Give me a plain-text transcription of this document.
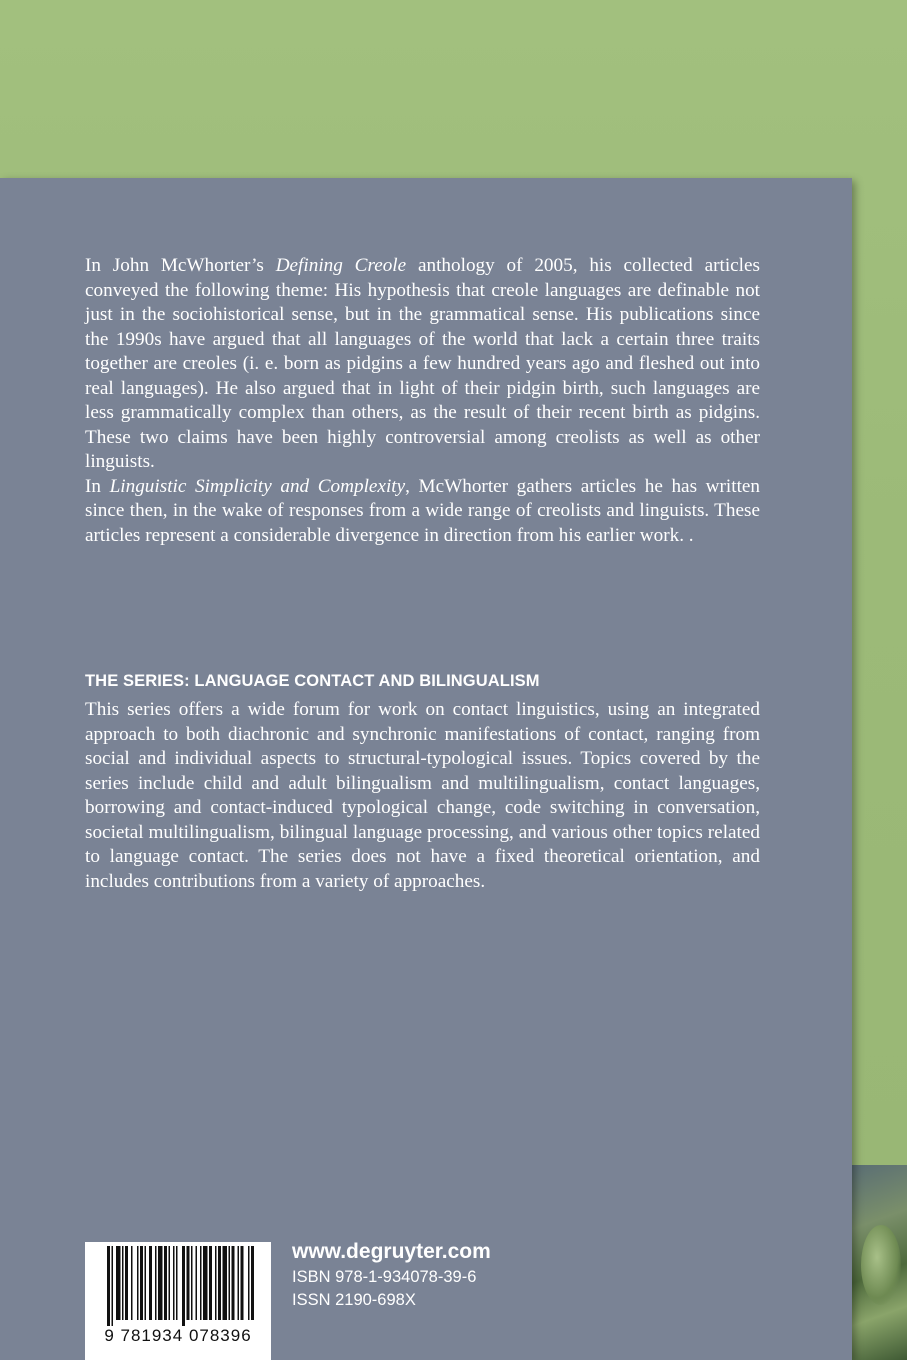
In John McWhorter’s Defining Creole anthology of 2005, his collected articles conveyed the following theme: His hypothesis that creole languages are definable not just in the sociohistorical sense, but in the grammatical sense. His publications since the 1990s have argued that all languages of the world that lack a certain three traits together are creoles (i. e. born as pidgins a few hundred years ago and fleshed out into real languages). He also argued that in light of their pidgin birth, such languages are less grammatically complex than others, as the result of their recent birth as pidgins. These two claims have been highly controversial among creolists as well as other linguists.

In Linguistic Simplicity and Complexity, McWhorter gathers articles he has written since then, in the wake of responses from a wide range of creolists and linguists. These articles represent a considerable divergence in direction from his earlier work. .

THE SERIES: LANGUAGE CONTACT AND BILINGUALISM

This series offers a wide forum for work on contact linguistics, using an integrated approach to both diachronic and synchronic manifestations of contact, ranging from social and individual aspects to structural-typological issues. Topics covered by the series include child and adult bilingualism and multilingualism, contact languages, borrowing and contact-induced typological change, code switching in conversation, societal multilingualism, bilingual language processing, and various other topics related to language contact. The series does not have a fixed theoretical orientation, and includes contributions from a variety of approaches.

9 781934 078396
www.degruyter.com
ISBN 978-1-934078-39-6
ISSN 2190-698X
